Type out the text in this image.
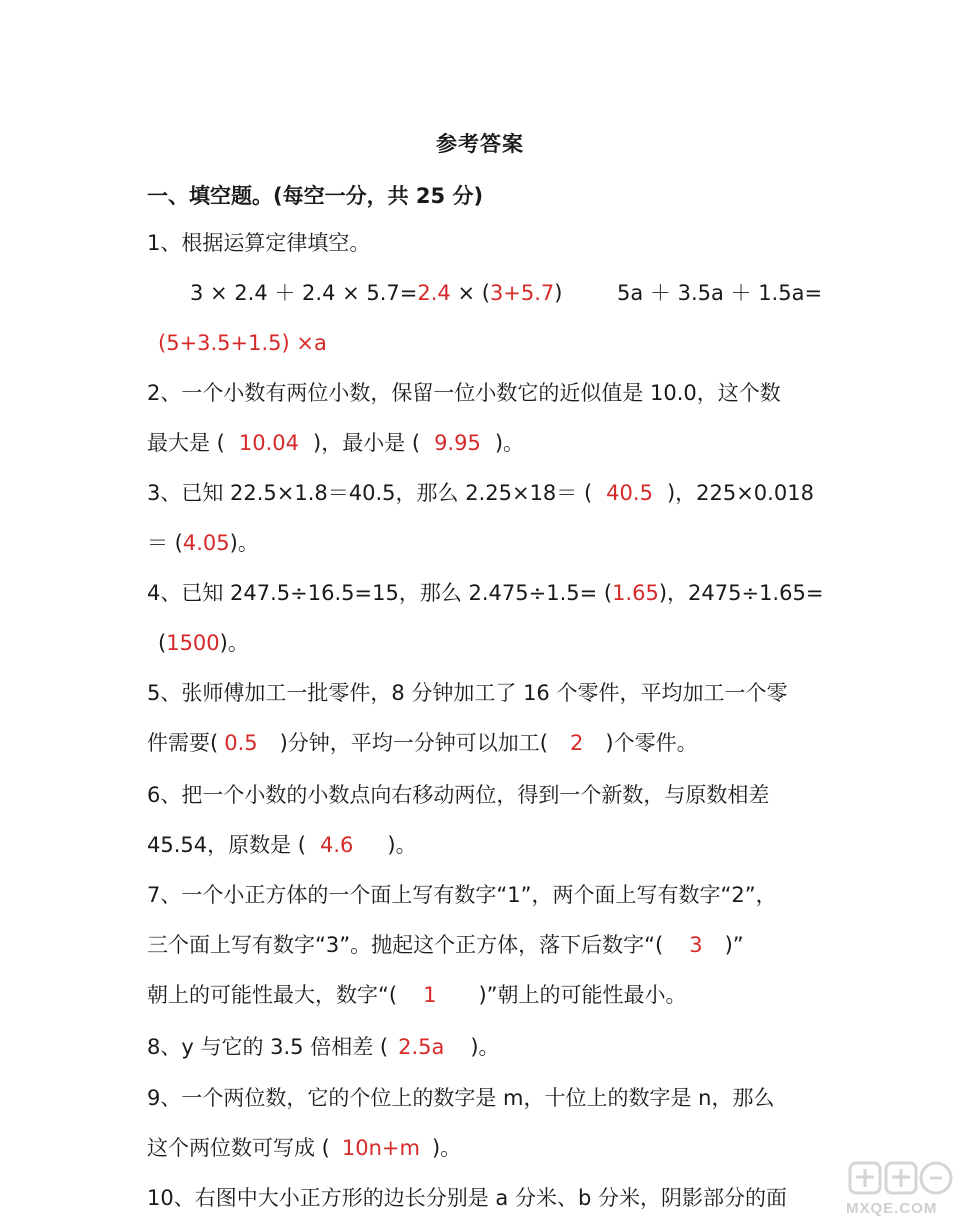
参考答案
一、填空题。(每空一分，共 25 分)
1、根据运算定律填空。
3 × 2.4 ＋ 2.4 × 5.7=2.4 × (3+5.7)	5a ＋ 3.5a ＋ 1.5a=
(5+3.5+1.5) ×a
2、一个小数有两位小数，保留一位小数它的近似值是 10.0，这个数
最大是 ( 10.04 )，最小是 ( 9.95 )。
3、已知 22.5×1.8＝40.5，那么 2.25×18＝ ( 40.5 )，225×0.018
＝ (4.05)。
4、已知 247.5÷16.5=15，那么 2.475÷1.5= (1.65)，2475÷1.65=
(1500)。
5、张师傅加工一批零件，8 分钟加工了 16 个零件，平均加工一个零
件需要( 0.5 )分钟，平均一分钟可以加工( 2 )个零件。
6、把一个小数的小数点向右移动两位，得到一个新数，与原数相差
45.54，原数是 ( 4.6 )。
7、一个小正方体的一个面上写有数字“1”，两个面上写有数字“2”，
三个面上写有数字“3”。抛起这个正方体，落下后数字“( 3 )”
朝上的可能性最大，数字“( 1 )”朝上的可能性最小。
8、y 与它的 3.5 倍相差 ( 2.5a )。
9、一个两位数，它的个位上的数字是 m，十位上的数字是 n，那么
这个两位数可写成 ( 10n+m )。
10、右图中大小正方形的边长分别是 a 分米、b 分米，阴影部分的面	MXQE.COM
